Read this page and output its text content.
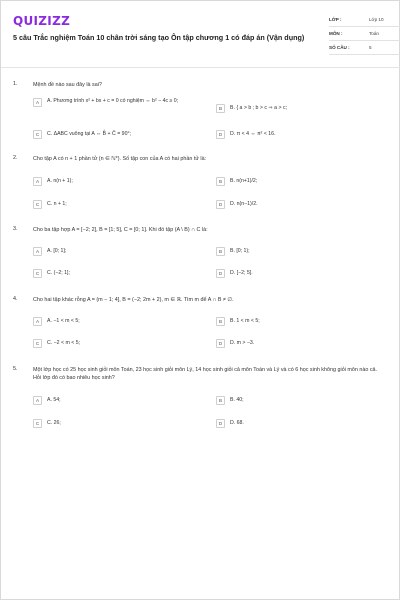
QUIZIZZ
5 câu Trắc nghiệm Toán 10 chân trời sáng tạo Ôn tập chương 1 có đáp án (Vận dụng)
LỚP :	Lớp 10
MÔN :	Toán
SỐ CÂU :	5
1.	Mệnh đề nào sau đây là sai?
A	A. Phương trình x² + bx + c = 0 có nghiệm ⇔ b² − 4c ≥ 0;
B	B. { a > b ; b > c ⇒ a > c;
C	C. ΔABC vuông tại A ⇔ B̂ + Ĉ = 90°;	D	D. π < 4 ⇔ π² < 16.
2.	Cho tập A có n + 1 phần tử (n ∈ ℕ*). Số tập con của A có hai phần tử là:
A	A. n(n + 1);	B	B. n(n+1)/2;
C	C. n + 1;	D	D. n(n−1)/2.
3.	Cho ba tập hợp A = [−2; 2], B = [1; 5], C = [0; 1]. Khi đó tập (A \ B) ∩ C là:
A	A. [0; 1];	B	B. [0; 1);
C	C. (−2; 1];	D	D. [−2; 5].
4.	Cho hai tập khác rỗng A = (m − 1; 4], B = (−2; 2m + 2), m ∈ ℝ. Tìm m để A ∩ B ≠ ∅.
A	A. −1 < m < 5;	B	B. 1 < m < 5;
C	C. −2 < m < 5;	D	D. m > −3.
5.	Một lớp học có 25 học sinh giỏi môn Toán, 23 học sinh giỏi môn Lý, 14 học sinh giỏi cả môn Toán và Lý và có 6 học sinh không giỏi môn nào cả. Hỏi lớp đó có bao nhiêu học sinh?
A	A. 54;	B	B. 40;
C	C. 26;	D	D. 68.
